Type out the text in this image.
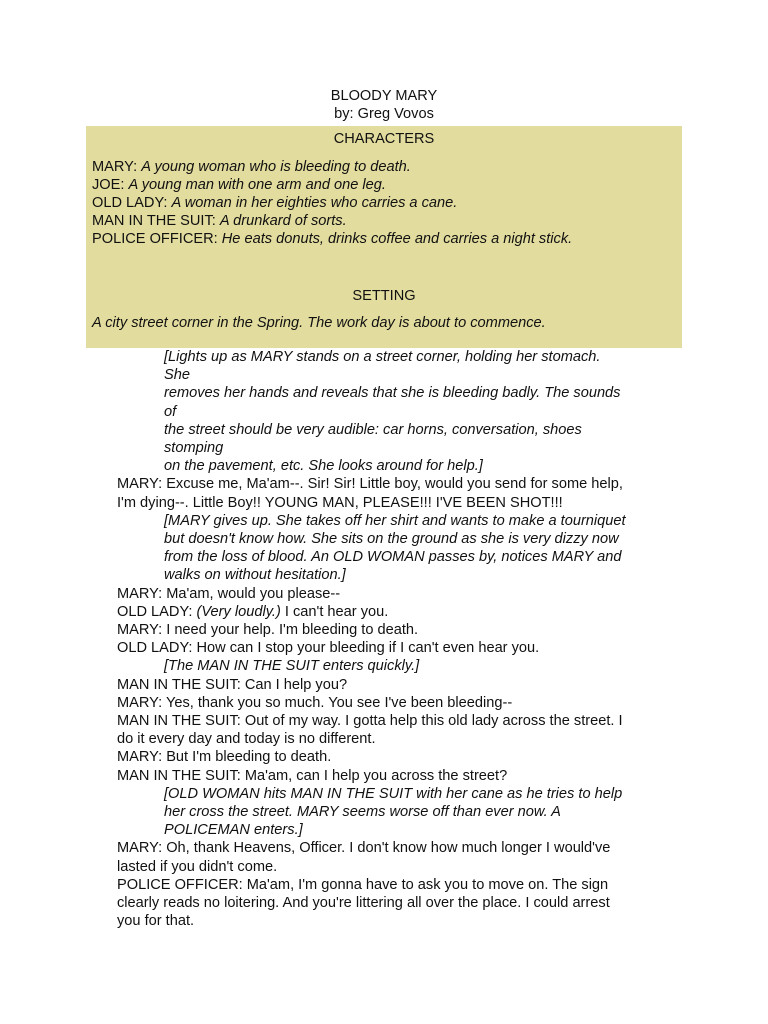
BLOODY MARY
by: Greg Vovos
CHARACTERS
MARY: A young woman who is bleeding to death.
JOE: A young man with one arm and one leg.
OLD LADY: A woman in her eighties who carries a cane.
MAN IN THE SUIT: A drunkard of sorts.
POLICE OFFICER: He eats donuts, drinks coffee and carries a night stick.
SETTING
A city street corner in the Spring. The work day is about to commence.
[Lights up as MARY stands on a street corner, holding her stomach.
She
removes her hands and reveals that she is bleeding badly. The sounds
of
the street should be very audible: car horns, conversation, shoes
stomping
on the pavement, etc. She looks around for help.]
MARY: Excuse me, Ma'am--. Sir! Sir! Little boy, would you send for some help,
I'm dying--. Little Boy!! YOUNG MAN, PLEASE!!! I'VE BEEN SHOT!!!
[MARY gives up. She takes off her shirt and wants to make a tourniquet
but doesn't know how. She sits on the ground as she is very dizzy now
from the loss of blood. An OLD WOMAN passes by, notices MARY and
walks on without hesitation.]
MARY: Ma'am, would you please--
OLD LADY: (Very loudly.) I can't hear you.
MARY: I need your help. I'm bleeding to death.
OLD LADY: How can I stop your bleeding if I can't even hear you.
[The MAN IN THE SUIT enters quickly.]
MAN IN THE SUIT: Can I help you?
MARY: Yes, thank you so much. You see I've been bleeding--
MAN IN THE SUIT: Out of my way. I gotta help this old lady across the street. I
do it every day and today is no different.
MARY: But I'm bleeding to death.
MAN IN THE SUIT: Ma'am, can I help you across the street?
[OLD WOMAN hits MAN IN THE SUIT with her cane as he tries to help
her cross the street. MARY seems worse off than ever now. A
POLICEMAN enters.]
MARY: Oh, thank Heavens, Officer. I don't know how much longer I would've
lasted if you didn't come.
POLICE OFFICER: Ma'am, I'm gonna have to ask you to move on. The sign
clearly reads no loitering. And you're littering all over the place. I could arrest
you for that.
